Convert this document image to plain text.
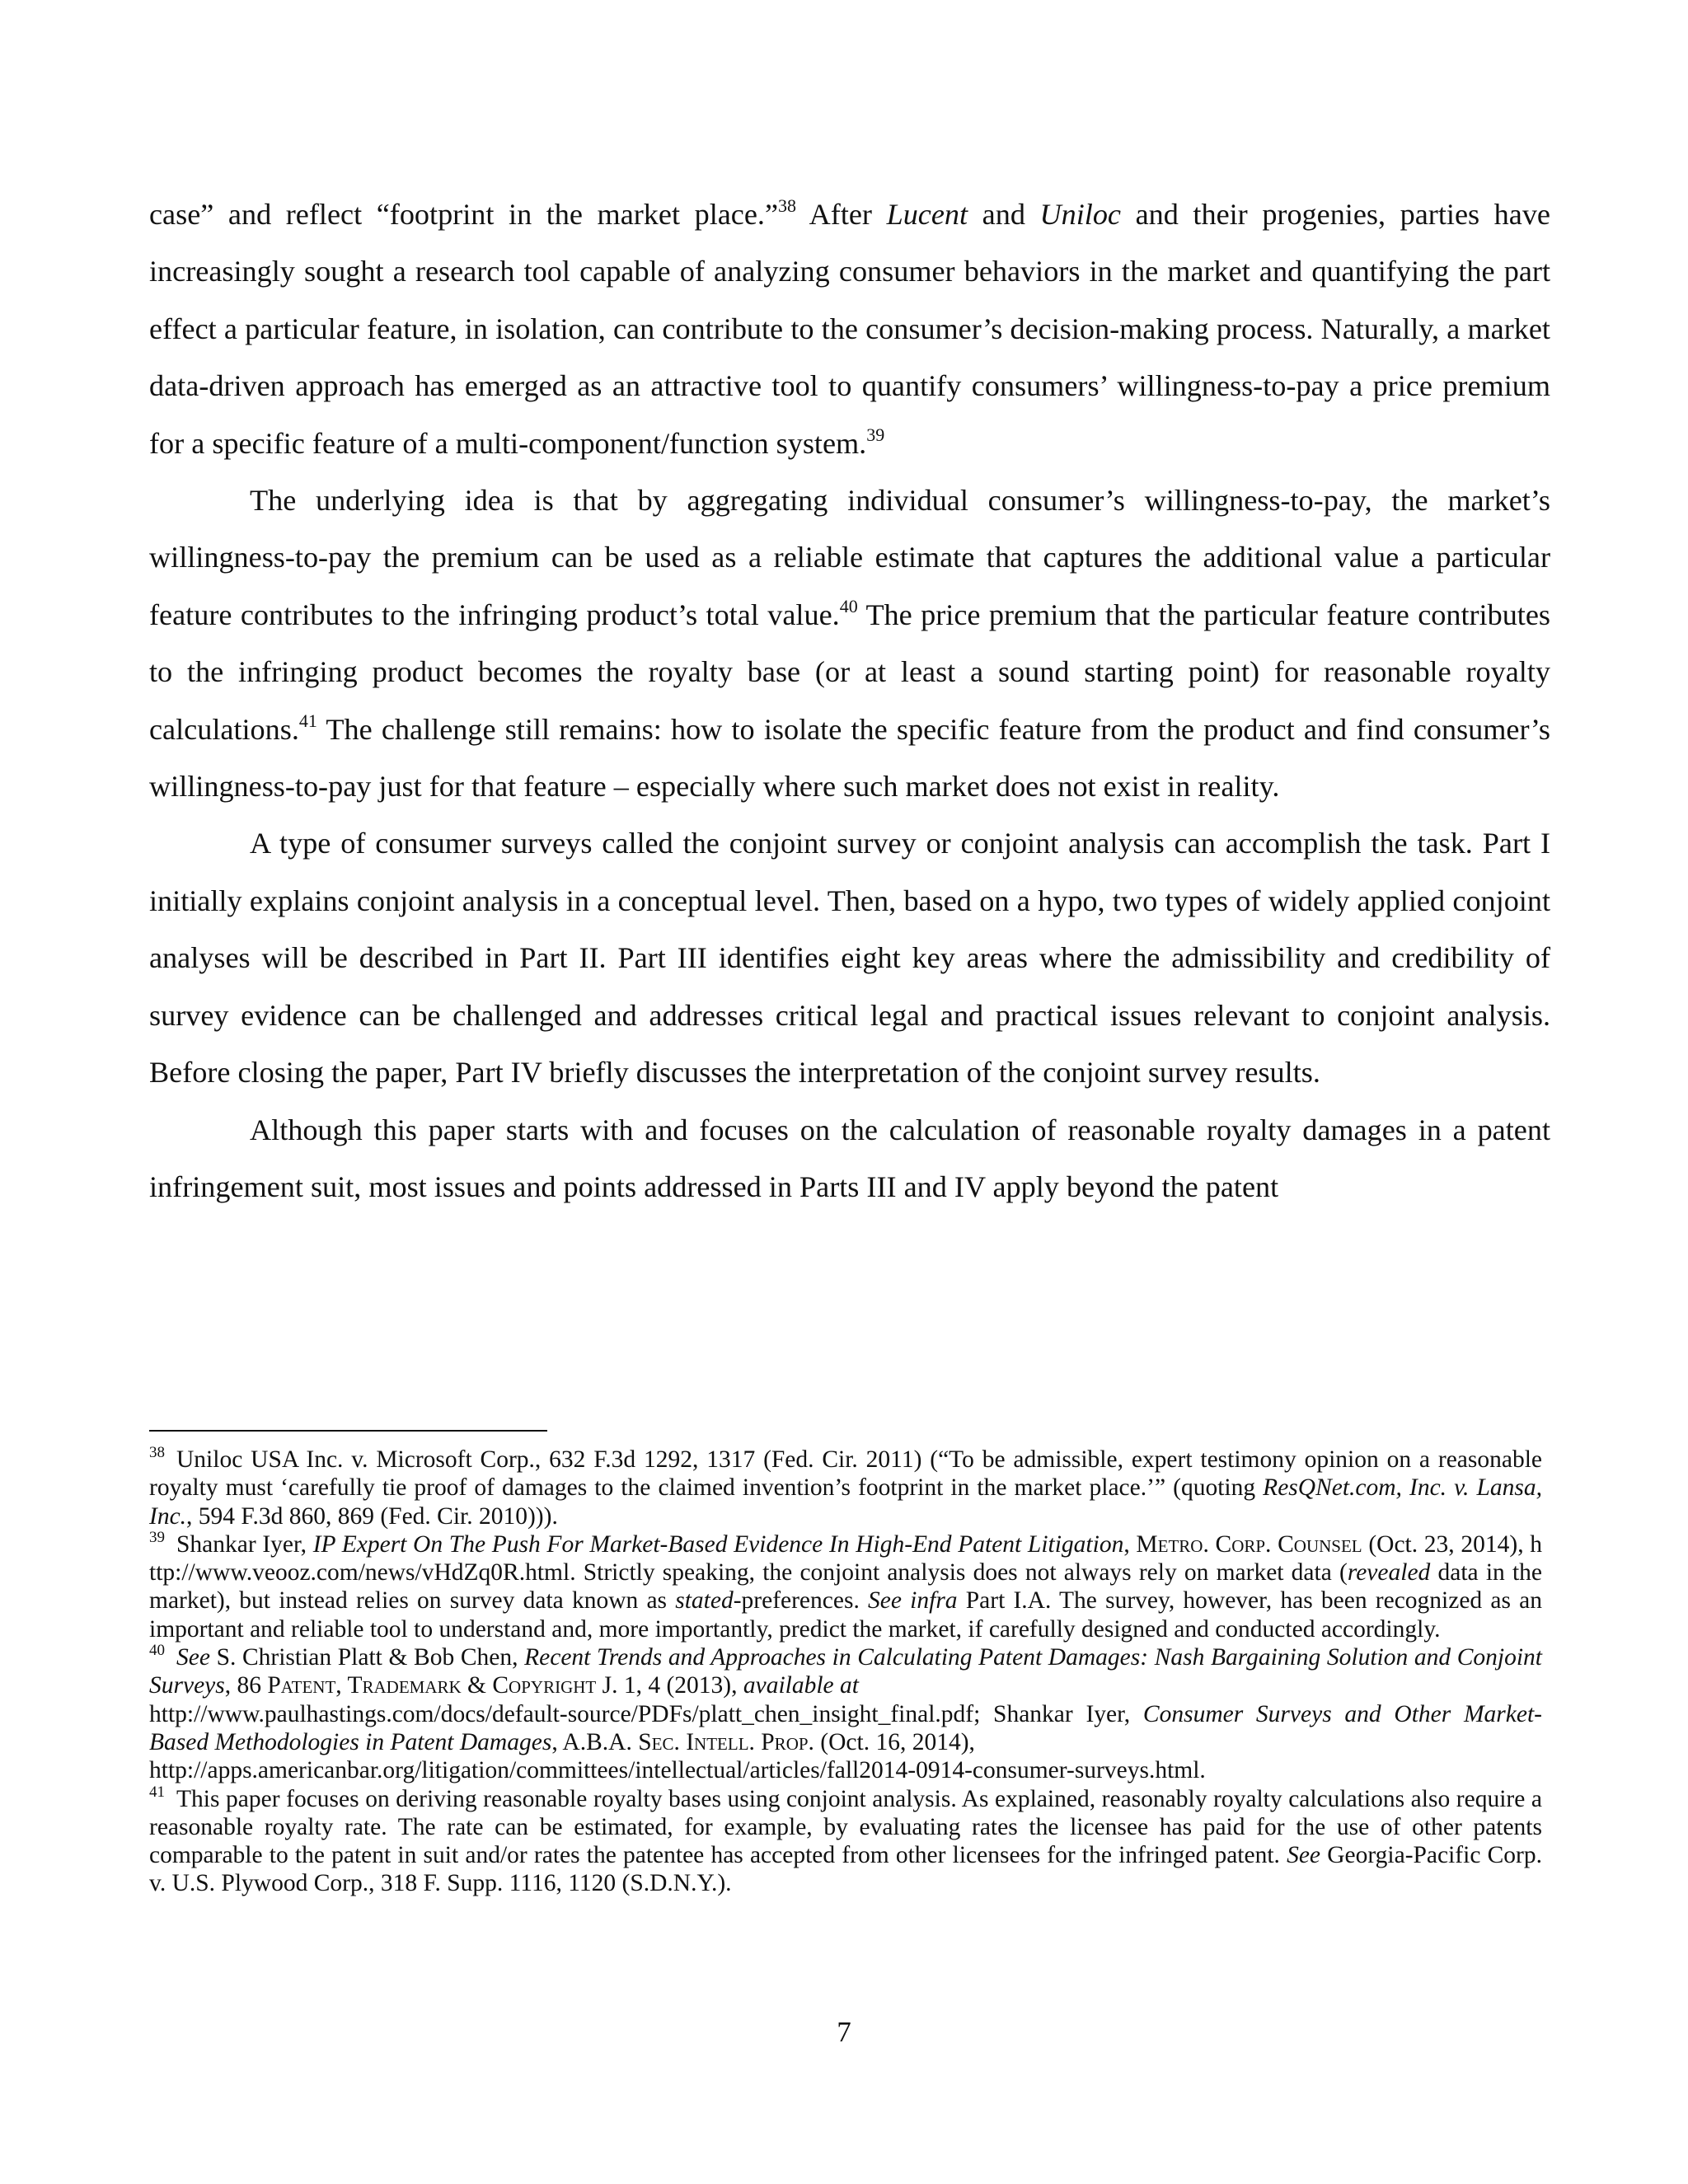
case” and reflect “footprint in the market place.”$^{38}$ After Lucent and Uniloc and their progenies, parties have increasingly sought a research tool capable of analyzing consumer behaviors in the market and quantifying the part effect a particular feature, in isolation, can contribute to the consumer’s decision-making process. Naturally, a market data-driven approach has emerged as an attractive tool to quantify consumers’ willingness-to-pay a price premium for a specific feature of a multi-component/function system.$^{39}$

The underlying idea is that by aggregating individual consumer’s willingness-to-pay, the market’s willingness-to-pay the premium can be used as a reliable estimate that captures the additional value a particular feature contributes to the infringing product’s total value.$^{40}$ The price premium that the particular feature contributes to the infringing product becomes the royalty base (or at least a sound starting point) for reasonable royalty calculations.$^{41}$ The challenge still remains: how to isolate the specific feature from the product and find consumer’s willingness-to-pay just for that feature – especially where such market does not exist in reality.

A type of consumer surveys called the conjoint survey or conjoint analysis can accomplish the task. Part I initially explains conjoint analysis in a conceptual level. Then, based on a hypo, two types of widely applied conjoint analyses will be described in Part II. Part III identifies eight key areas where the admissibility and credibility of survey evidence can be challenged and addresses critical legal and practical issues relevant to conjoint analysis. Before closing the paper, Part IV briefly discusses the interpretation of the conjoint survey results.

Although this paper starts with and focuses on the calculation of reasonable royalty damages in a patent infringement suit, most issues and points addressed in Parts III and IV apply beyond the patent

$^{38}$ Uniloc USA Inc. v. Microsoft Corp., 632 F.3d 1292, 1317 (Fed. Cir. 2011) (“To be admissible, expert testimony opinion on a reasonable royalty must ‘carefully tie proof of damages to the claimed invention’s footprint in the market place.’” (quoting ResQNet.com, Inc. v. Lansa, Inc., 594 F.3d 860, 869 (Fed. Cir. 2010))).

$^{39}$ Shankar Iyer, IP Expert On The Push For Market-Based Evidence In High-End Patent Litigation, Metro. Corp. Counsel (Oct. 23, 2014), http://www.veooz.com/news/vHdZq0R.html. Strictly speaking, the conjoint analysis does not always rely on market data (revealed data in the market), but instead relies on survey data known as stated-preferences. See infra Part I.A. The survey, however, has been recognized as an important and reliable tool to understand and, more importantly, predict the market, if carefully designed and conducted accordingly.

$^{40}$ See S. Christian Platt & Bob Chen, Recent Trends and Approaches in Calculating Patent Damages: Nash Bargaining Solution and Conjoint Surveys, 86 Patent, Trademark & Copyright J. 1, 4 (2013), available at
http://www.paulhastings.com/docs/default-source/PDFs/platt_chen_insight_final.pdf; Shankar Iyer, Consumer Surveys and Other Market-Based Methodologies in Patent Damages, A.B.A. Sec. Intell. Prop. (Oct. 16, 2014),
http://apps.americanbar.org/litigation/committees/intellectual/articles/fall2014-0914-consumer-surveys.html.

$^{41}$ This paper focuses on deriving reasonable royalty bases using conjoint analysis. As explained, reasonably royalty calculations also require a reasonable royalty rate. The rate can be estimated, for example, by evaluating rates the licensee has paid for the use of other patents comparable to the patent in suit and/or rates the patentee has accepted from other licensees for the infringed patent. See Georgia-Pacific Corp. v. U.S. Plywood Corp., 318 F. Supp. 1116, 1120 (S.D.N.Y.).

7
